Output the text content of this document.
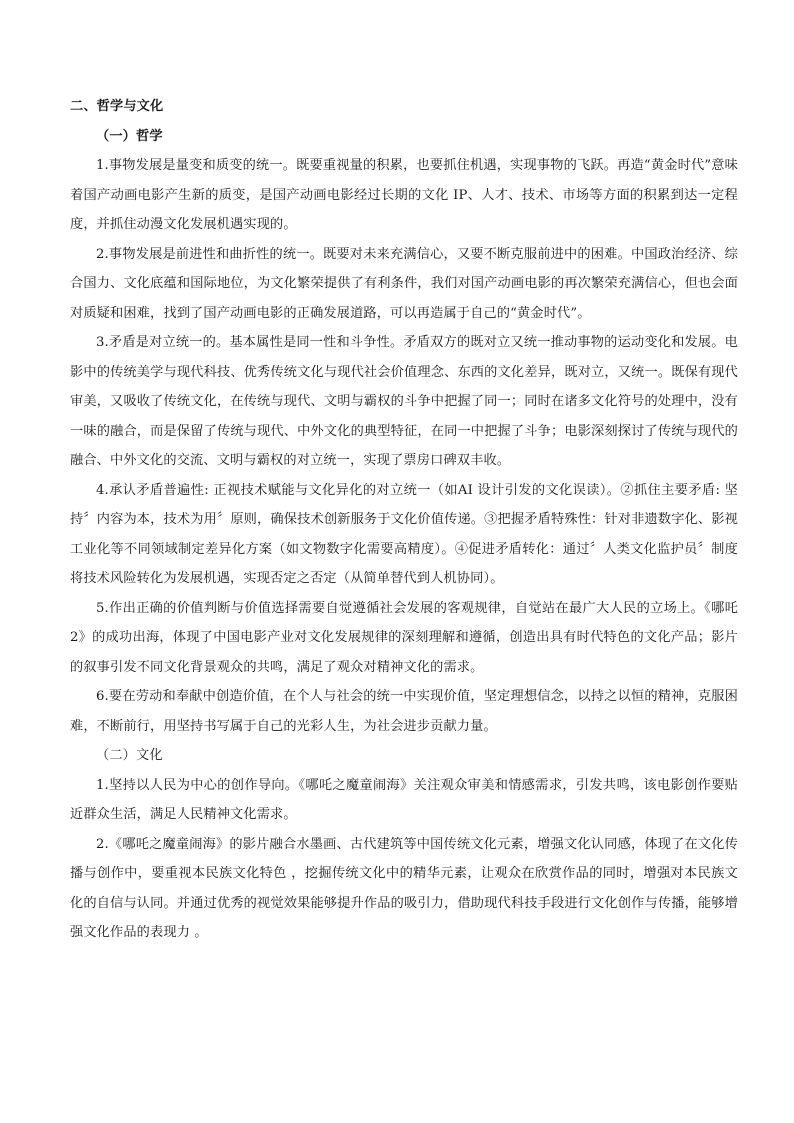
二、哲学与文化
（一）哲学

1.事物发展是量变和质变的统一。既要重视量的积累，也要抓住机遇，实现事物的飞跃。再造“黄金时代”意味着国产动画电影产生新的质变，是国产动画电影经过长期的文化 IP、人才、技术、市场等方面的积累到达一定程度，并抓住动漫文化发展机遇实现的。

2.事物发展是前进性和曲折性的统一。既要对未来充满信心，又要不断克服前进中的困难。中国政治经济、综合国力、文化底蕴和国际地位，为文化繁荣提供了有利条件，我们对国产动画电影的再次繁荣充满信心，但也会面对质疑和困难，找到了国产动画电影的正确发展道路，可以再造属于自己的“黄金时代”。

3.矛盾是对立统一的。基本属性是同一性和斗争性。矛盾双方的既对立又统一推动事物的运动变化和发展。电影中的传统美学与现代科技、优秀传统文化与现代社会价值理念、东西的文化差异，既对立，又统一。既保有现代审美，又吸收了传统文化，在传统与现代、文明与霸权的斗争中把握了同一；同时在诸多文化符号的处理中，没有一味的融合，而是保留了传统与现代、中外文化的典型特征，在同一中把握了斗争；电影深刻探讨了传统与现代的融合、中外文化的交流、文明与霸权的对立统一，实现了票房口碑双丰收。

4.承认矛盾普遍性: 正视技术赋能与文化异化的对立统一（如AI 设计引发的文化误读）。②抓住主要矛盾: 坚持〞内容为本，技术为用〞原则，确保技术创新服务于文化价值传递。③把握矛盾特殊性：针对非遗数字化、影视工业化等不同领域制定差异化方案（如文物数字化需要高精度）。④促进矛盾转化：通过〞人类文化监护员〞制度将技术风险转化为发展机遇，实现否定之否定（从简单替代到人机协同）。

5.作出正确的价值判断与价值选择需要自觉遵循社会发展的客观规律，自觉站在最广大人民的立场上。《哪吒 2》的成功出海，体现了中国电影产业对文化发展规律的深刻理解和遵循，创造出具有时代特色的文化产品；影片的叙事引发不同文化背景观众的共鸣，满足了观众对精神文化的需求。

6.要在劳动和奉献中创造价值，在个人与社会的统一中实现价值，坚定理想信念，以持之以恒的精神，克服困难，不断前行，用坚持书写属于自己的光彩人生，为社会进步贡献力量。

（二）文化

1.坚持以人民为中心的创作导向。《哪吒之魔童闹海》关注观众审美和情感需求，引发共鸣，该电影创作要贴近群众生活，满足人民精神文化需求。

2.《哪吒之魔童闹海》的影片融合水墨画、古代建筑等中国传统文化元素，增强文化认同感，体现了在文化传播与创作中，要重视本民族文化特色 ，挖掘传统文化中的精华元素，让观众在欣赏作品的同时，增强对本民族文化的自信与认同。并通过优秀的视觉效果能够提升作品的吸引力，借助现代科技手段进行文化创作与传播，能够增强文化作品的表现力 。
